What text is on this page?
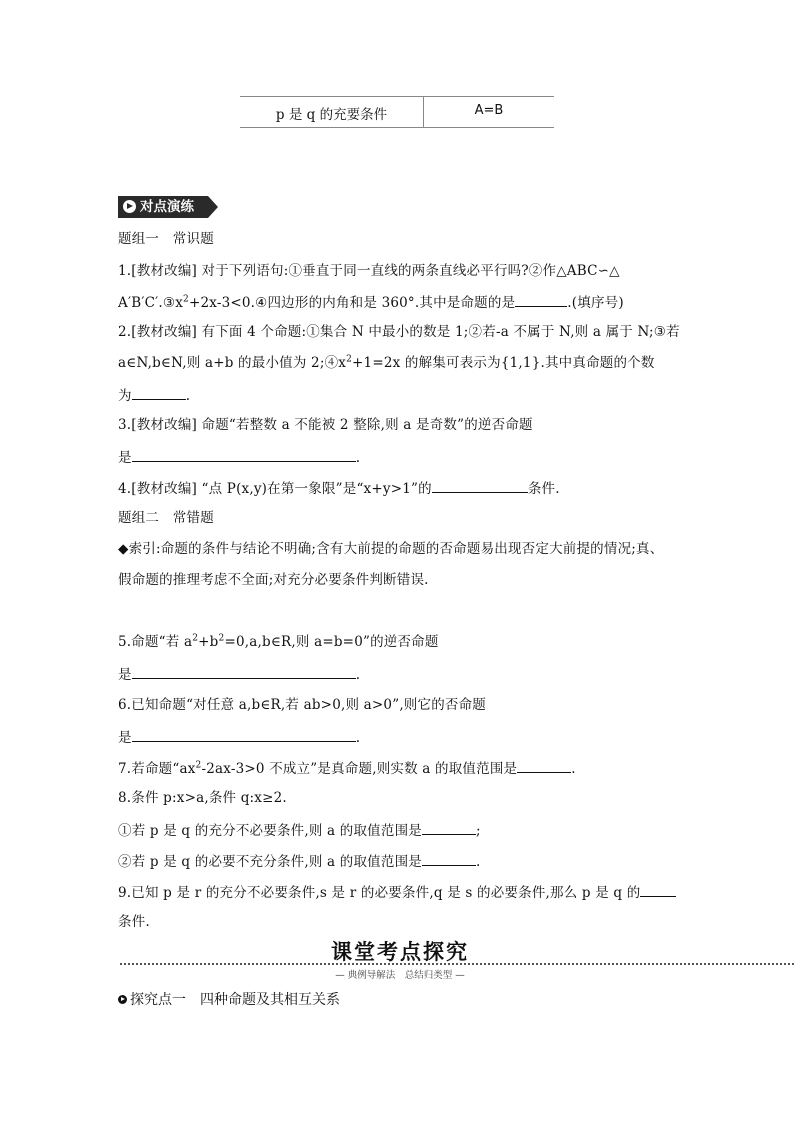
p 是 q 的充要条件	A=B
对点演练
题组一　常识题
1.[教材改编] 对于下列语句:①垂直于同一直线的两条直线必平行吗?②作△ABC∽△
$A'B'C'.③x^2+2x-3<0.④$四边形的内角和是 360°.其中是命题的是	.(填序号)
2.[教材改编] 有下面 4 个命题:①集合 N 中最小的数是 1;②若-a 不属于 N,则 a 属于 N;③若
a∈N,b∈N,则 a+b 的最小值为 $2;④x^2+1=2x$ 的解集可表示为{1,1}.其中真命题的个数
为	.
3.[教材改编] 命题“若整数 a 不能被 2 整除,则 a 是奇数”的逆否命题
是	.
4.[教材改编] “点 P(x,y)在第一象限”是“x+y>1”的	条件.
题组二　常错题
◆索引:命题的条件与结论不明确;含有大前提的命题的否命题易出现否定大前提的情况;真、
假命题的推理考虑不全面;对充分必要条件判断错误.
5.命题“若 $a^2+b^2=0,a,b\in R$,则 a=b=0”的逆否命题
是	.
6.已知命题“对任意 a,b∈R,若 ab>0,则 a>0”,则它的否命题
是	.
7.若命题“$ax^2-2ax-3>0$ 不成立”是真命题,则实数 a 的取值范围是	.
8.条件 p:x>a,条件 q:x≥2.
①若 p 是 q 的充分不必要条件,则 a 的取值范围是	;
②若 p 是 q 的必要不充分条件,则 a 的取值范围是	.
9.已知 p 是 r 的充分不必要条件,s 是 r 的必要条件,q 是 s 的必要条件,那么 p 是 q 的
条件.
课堂考点探究
— 典例导解法　总结归类型 —
探究点一　四种命题及其相互关系
